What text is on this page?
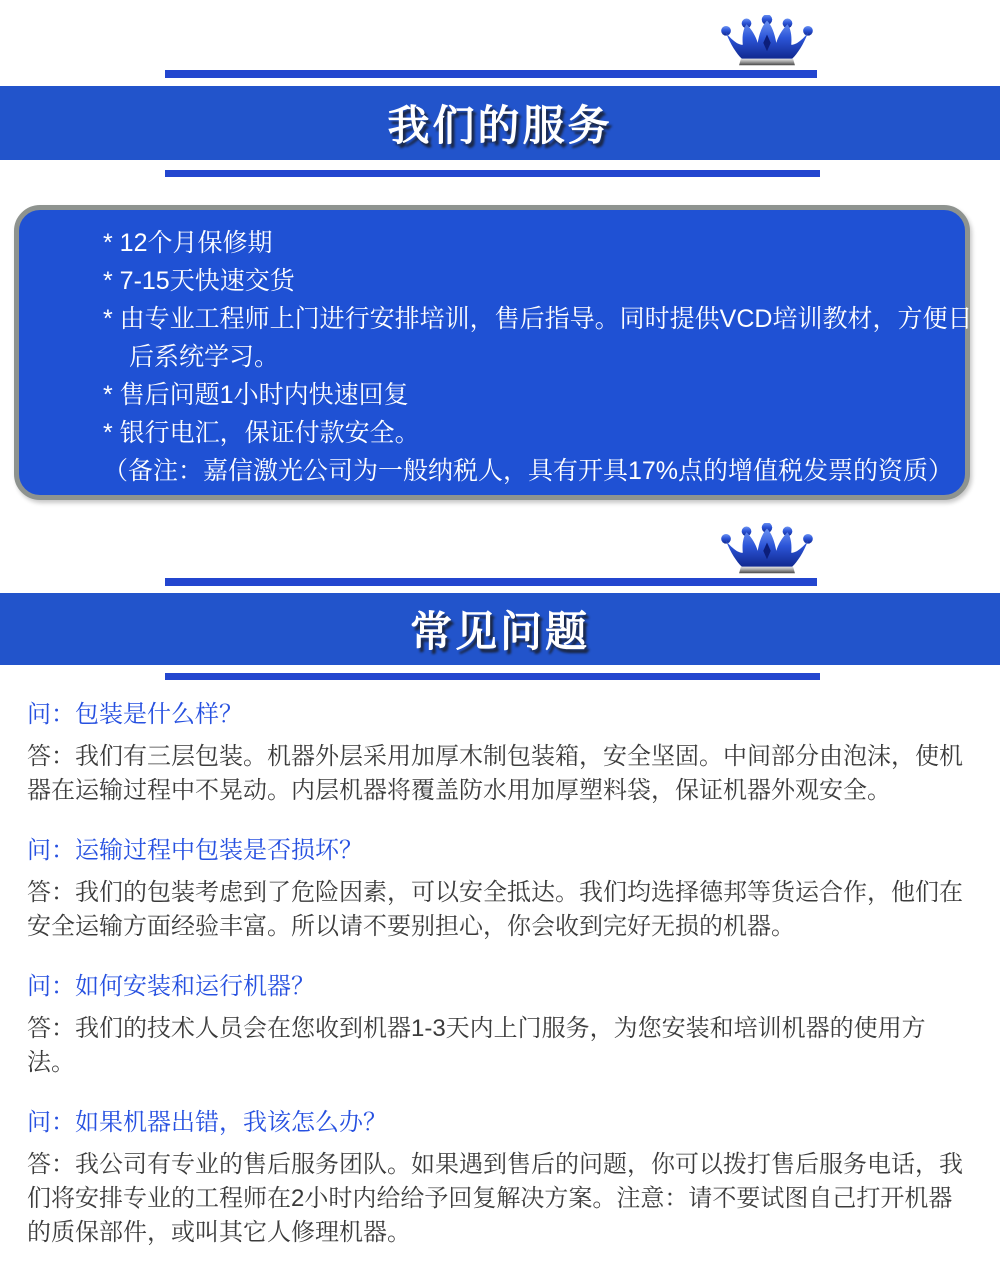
我们的服务
* 12个月保修期
* 7-15天快速交货
* 由专业工程师上门进行安排培训，售后指导。同时提供VCD培训教材，方便日
后系统学习。
* 售后问题1小时内快速回复
* 银行电汇，保证付款安全。
（备注：嘉信激光公司为一般纳税人，具有开具17%点的增值税发票的资质）
常见问题
问：包装是什么样？
答：我们有三层包装。机器外层采用加厚木制包装箱，安全坚固。中间部分由泡沫，使机器在运输过程中不晃动。内层机器将覆盖防水用加厚塑料袋，保证机器外观安全。
问：运输过程中包装是否损坏？
答：我们的包装考虑到了危险因素，可以安全抵达。我们均选择德邦等货运合作，他们在安全运输方面经验丰富。所以请不要别担心，你会收到完好无损的机器。
问：如何安装和运行机器？
答：我们的技术人员会在您收到机器1-3天内上门服务，为您安装和培训机器的使用方法。
问：如果机器出错，我该怎么办？
答：我公司有专业的售后服务团队。如果遇到售后的问题，你可以拨打售后服务电话，我们将安排专业的工程师在2小时内给给予回复解决方案。注意：请不要试图自己打开机器的质保部件，或叫其它人修理机器。
